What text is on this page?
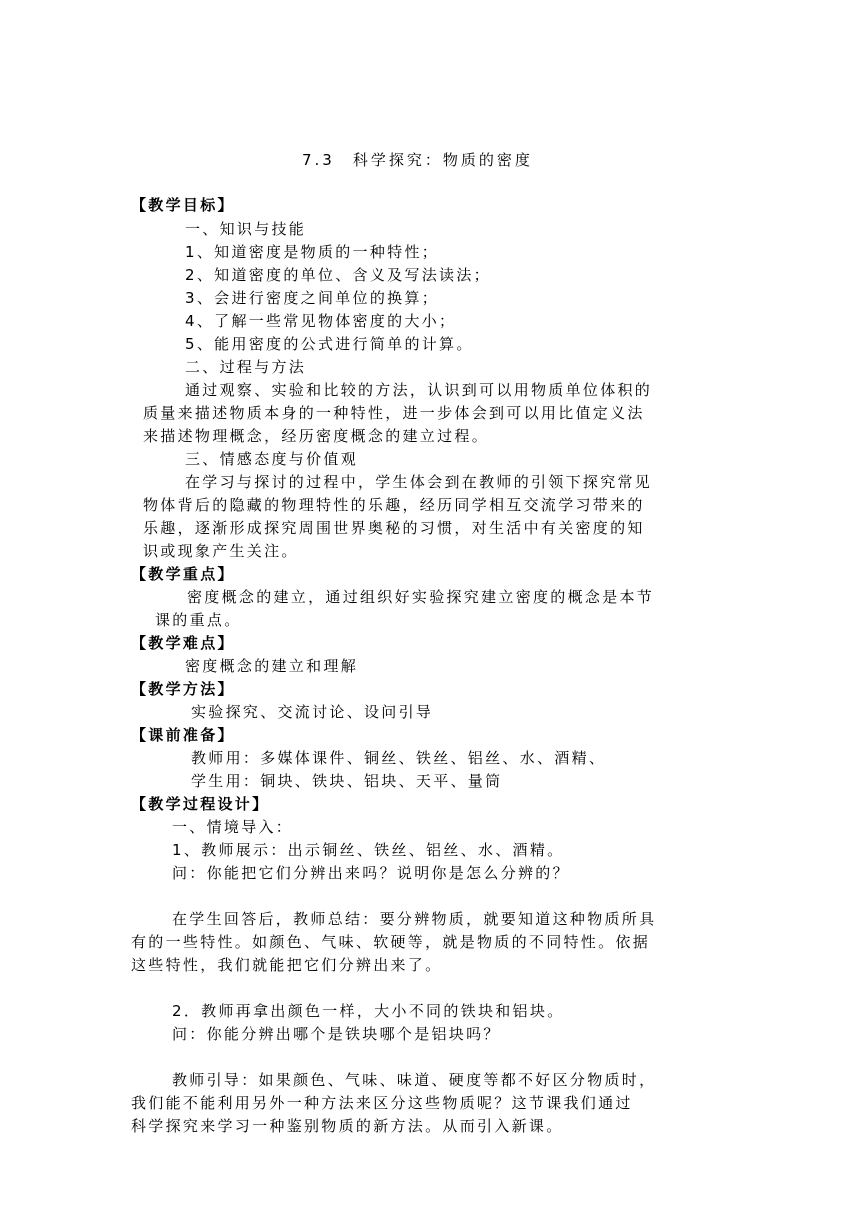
7.3　科学探究：物质的密度
【教学目标】
一、知识与技能
1、知道密度是物质的一种特性；
2、知道密度的单位、含义及写法读法；
3、会进行密度之间单位的换算；
4、了解一些常见物体密度的大小；
5、能用密度的公式进行简单的计算。
二、过程与方法
通过观察、实验和比较的方法，认识到可以用物质单位体积的
质量来描述物质本身的一种特性，进一步体会到可以用比值定义法
来描述物理概念，经历密度概念的建立过程。
三、情感态度与价值观
在学习与探讨的过程中，学生体会到在教师的引领下探究常见
物体背后的隐藏的物理特性的乐趣，经历同学相互交流学习带来的
乐趣，逐渐形成探究周围世界奥秘的习惯，对生活中有关密度的知
识或现象产生关注。
【教学重点】
密度概念的建立，通过组织好实验探究建立密度的概念是本节
课的重点。
【教学难点】
密度概念的建立和理解
【教学方法】
实验探究、交流讨论、设问引导
【课前准备】
教师用：多媒体课件、铜丝、铁丝、铝丝、水、酒精、
学生用：铜块、铁块、铝块、天平、量筒
【教学过程设计】
一、情境导入：
1、教师展示：出示铜丝、铁丝、铝丝、水、酒精。
问：你能把它们分辨出来吗？说明你是怎么分辨的？
在学生回答后，教师总结：要分辨物质，就要知道这种物质所具
有的一些特性。如颜色、气味、软硬等，就是物质的不同特性。依据
这些特性，我们就能把它们分辨出来了。
2．教师再拿出颜色一样，大小不同的铁块和铝块。
问：你能分辨出哪个是铁块哪个是铝块吗？
教师引导：如果颜色、气味、味道、硬度等都不好区分物质时，
我们能不能利用另外一种方法来区分这些物质呢？这节课我们通过
科学探究来学习一种鉴别物质的新方法。从而引入新课。
